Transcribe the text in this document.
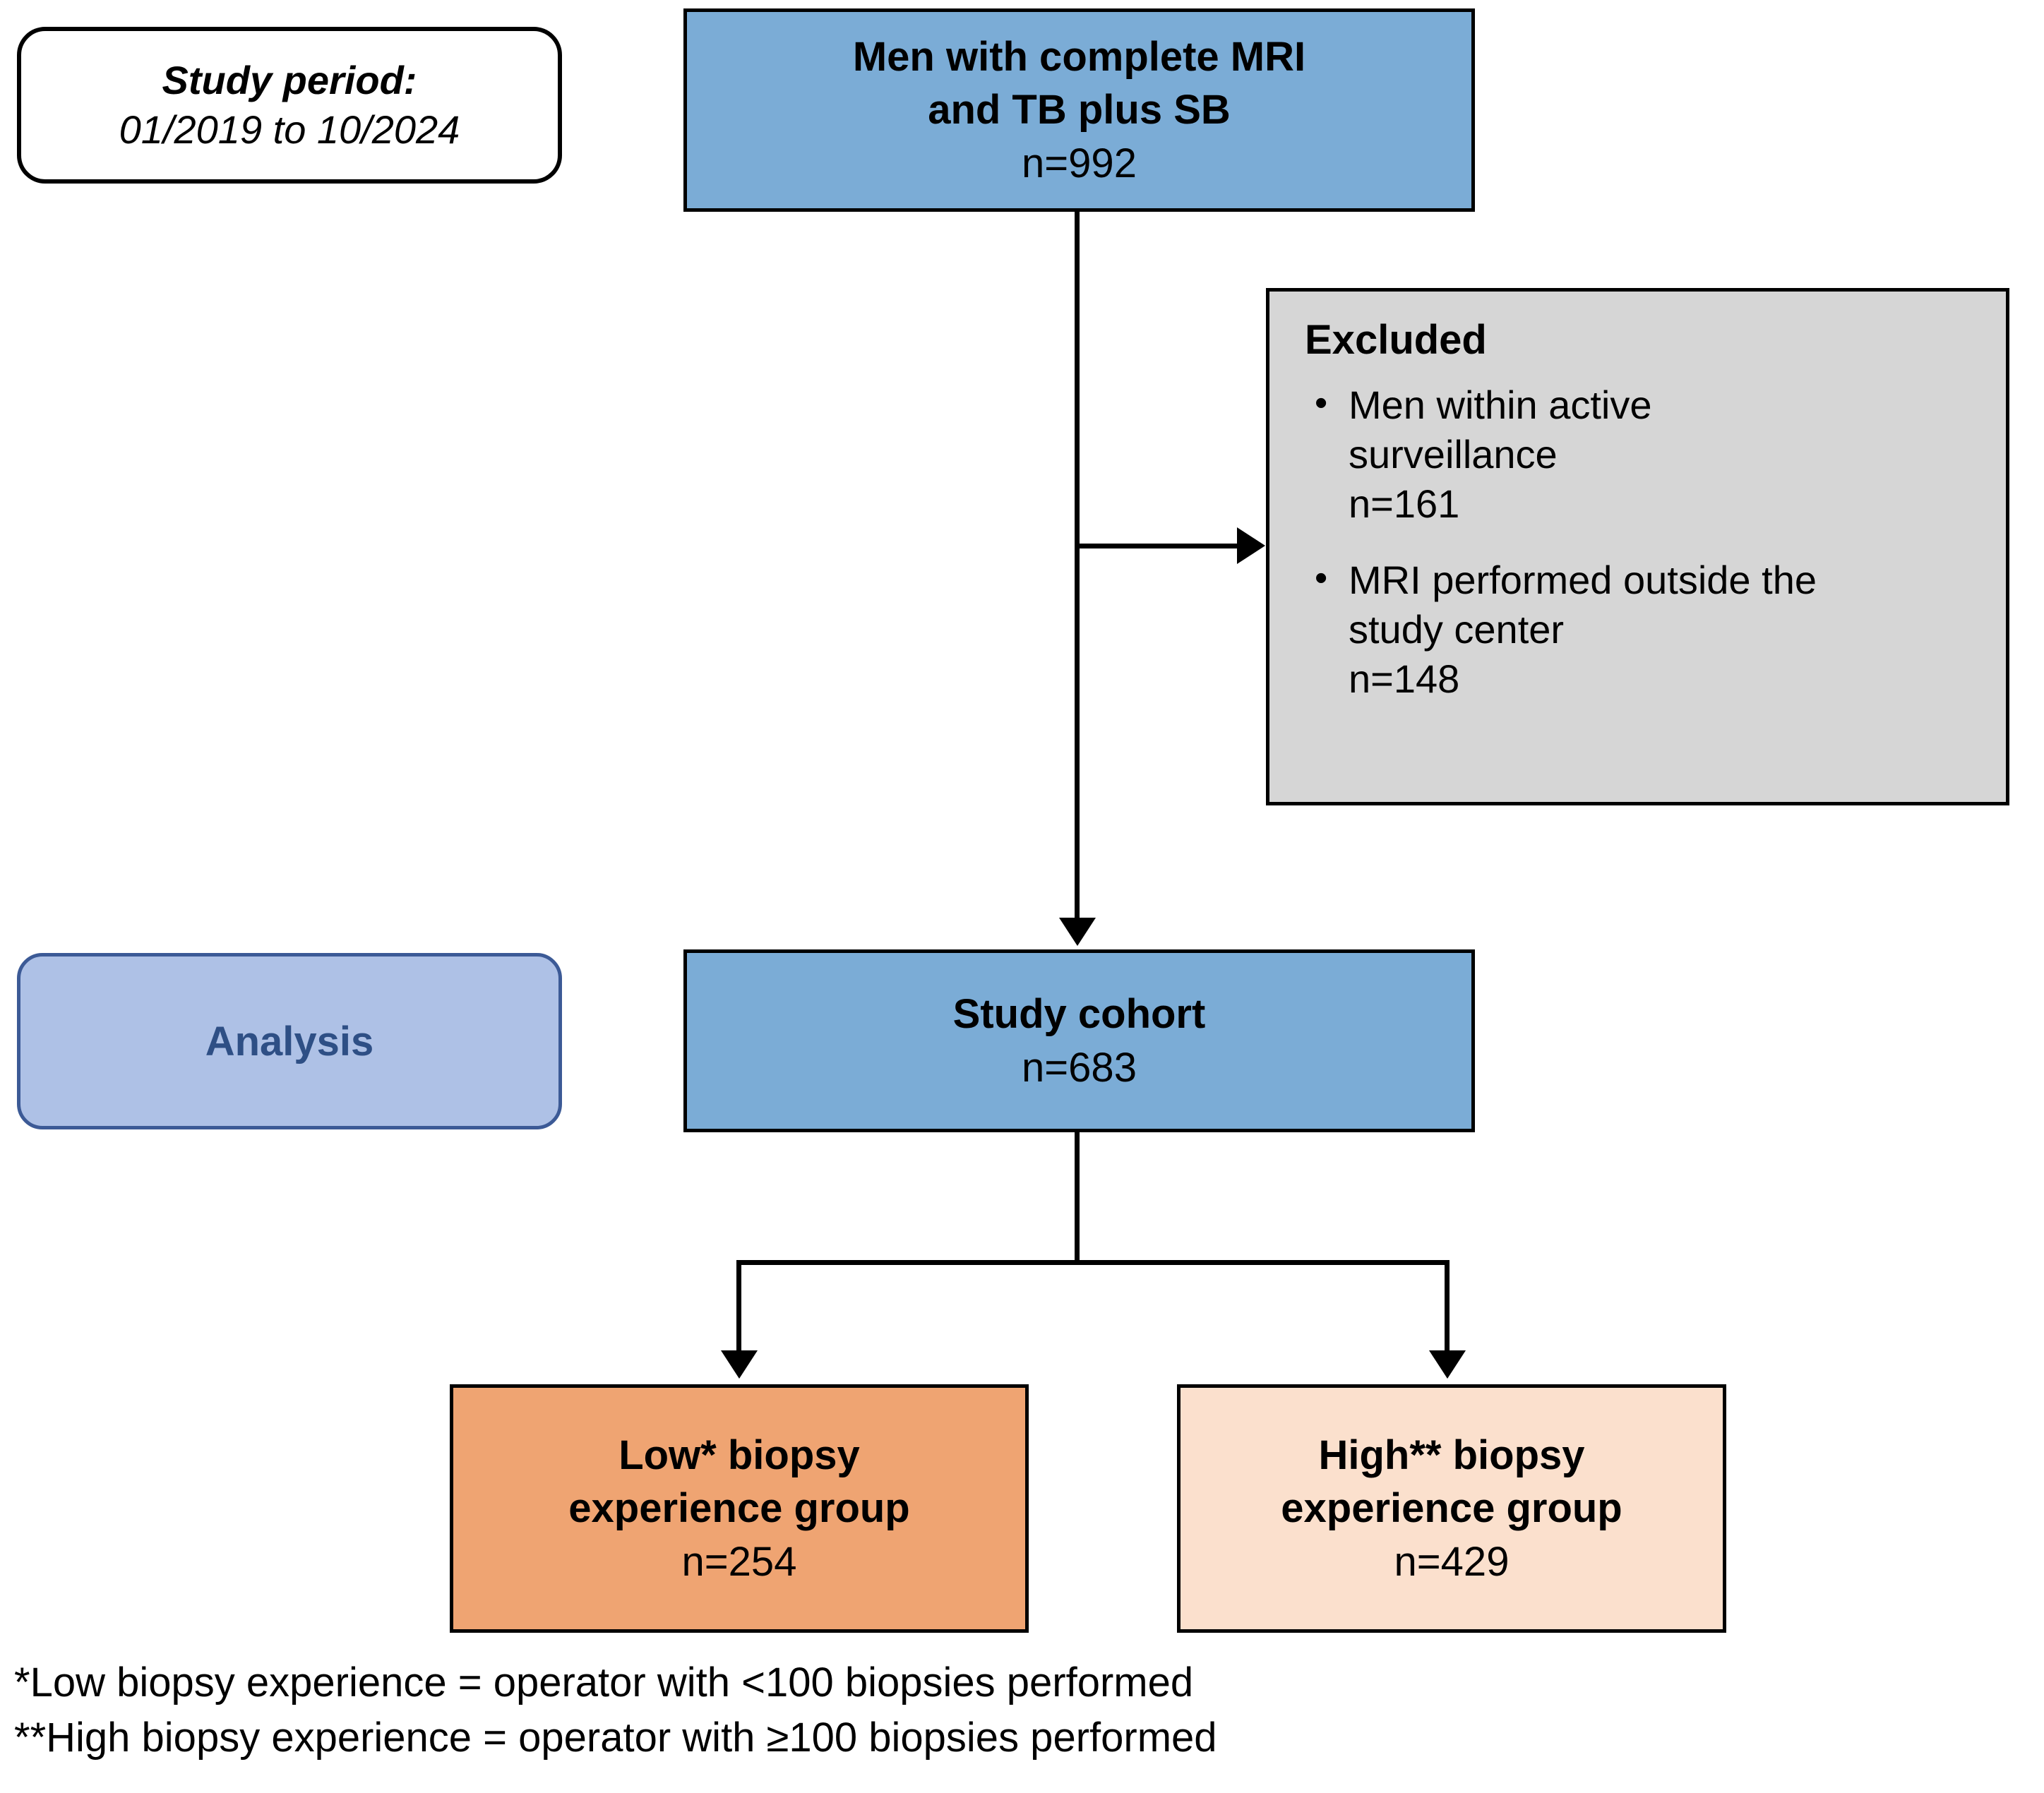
Study period:
01/2019 to 10/2024
Men with complete MRI
and TB plus SB
n=992
Excluded
• Men within active
surveillance
n=161
• MRI performed outside the
study center
n=148
Analysis
Study cohort
n=683
Low* biopsy
experience group
n=254
High** biopsy
experience group
n=429
*Low biopsy experience = operator with <100 biopsies performed
**High biopsy experience = operator with ≥100 biopsies performed
